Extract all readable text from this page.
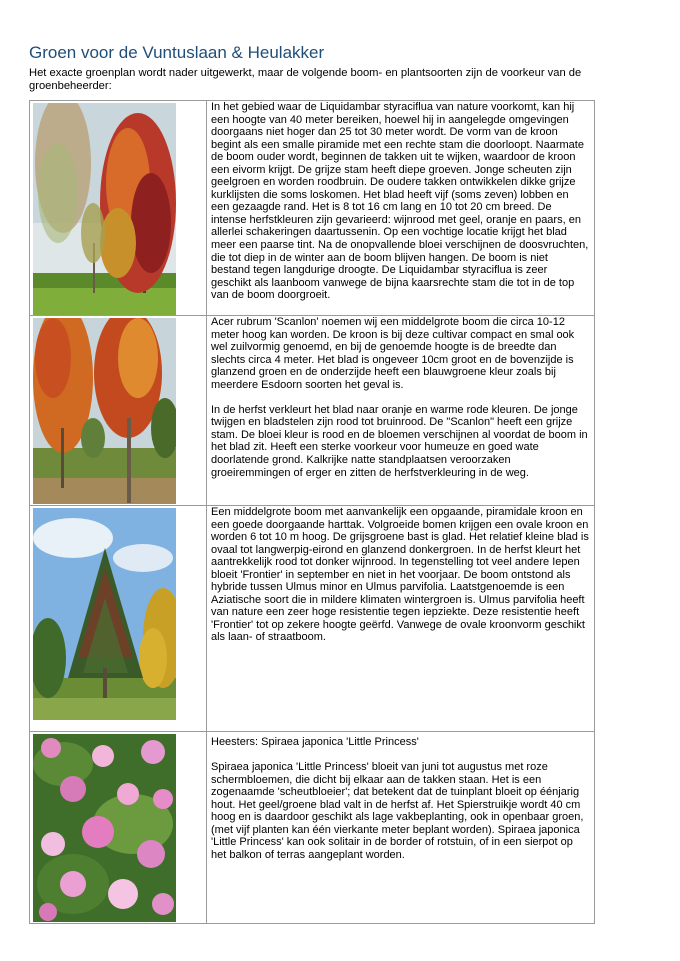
Groen voor de Vuntuslaan & Heulakker
Het exacte groenplan wordt nader uitgewerkt, maar de volgende boom- en plantsoorten zijn de voorkeur van de groenbeheerder:

In het gebied waar de Liquidambar styraciflua van nature voorkomt, kan hij een hoogte van 40 meter bereiken, hoewel hij in aangelegde omgevingen doorgaans niet hoger dan 25 tot 30 meter wordt. De vorm van de kroon begint als een smalle piramide met een rechte stam die doorloopt. Naarmate de boom ouder wordt, beginnen de takken uit te wijken, waardoor de kroon een eivorm krijgt. De grijze stam heeft diepe groeven. Jonge scheuten zijn geelgroen en worden roodbruin. De oudere takken ontwikkelen dikke grijze kurklijsten die soms loskomen. Het blad heeft vijf (soms zeven) lobben en een gezaagde rand. Het is 8 tot 16 cm lang en 10 tot 20 cm breed. De intense herfstkleuren zijn gevarieerd: wijnrood met geel, oranje en paars, en allerlei schakeringen daartussenin. Op een vochtige locatie krijgt het blad meer een paarse tint. Na de onopvallende bloei verschijnen de doosvruchten, die tot diep in de winter aan de boom blijven hangen. De boom is niet bestand tegen langdurige droogte. De Liquidambar styraciflua is zeer geschikt als laanboom vanwege de bijna kaarsrechte stam die tot in de top van de boom doorgroeit.

Acer rubrum 'Scanlon' noemen wij een middelgrote boom die circa 10-12 meter hoog kan worden. De kroon is bij deze cultivar compact en smal ook wel zuilvormig genoemd, en bij de genoemde hoogte is de breedte dan slechts circa 4 meter. Het blad is ongeveer 10cm groot en de bovenzijde is glanzend groen en de onderzijde heeft een blauwgroene kleur zoals bij meerdere Esdoorn soorten het geval is.

In de herfst verkleurt het blad naar oranje en warme rode kleuren. De jonge twijgen en bladstelen zijn rood tot bruinrood. De "Scanlon" heeft een grijze stam. De bloei kleur is rood en de bloemen verschijnen al voordat de boom in het blad zit. Heeft een sterke voorkeur voor humeuze en goed wate doorlatende grond. Kalkrijke natte standplaatsen veroorzaken groeiremmingen of erger en zitten de herfstverkleuring in de weg.

Een middelgrote boom met aanvankelijk een opgaande, piramidale kroon en een goede doorgaande harttak. Volgroeide bomen krijgen een ovale kroon en worden 6 tot 10 m hoog. De grijsgroene bast is glad. Het relatief kleine blad is ovaal tot langwerpig-eirond en glanzend donkergroen. In de herfst kleurt het aantrekkelijk rood tot donker wijnrood. In tegenstelling tot veel andere Iepen bloeit 'Frontier' in september en niet in het voorjaar. De boom ontstond als hybride tussen Ulmus minor en Ulmus parvifolia. Laatstgenoemde is een Aziatische soort die in mildere klimaten wintergroen is. Ulmus parvifolia heeft van nature een zeer hoge resistentie tegen iepziekte. Deze resistentie heeft 'Frontier' tot op zekere hoogte geërfd. Vanwege de ovale kroonvorm geschikt als laan- of straatboom.

Heesters: Spiraea japonica 'Little Princess'

Spiraea japonica 'Little Princess' bloeit van juni tot augustus met roze schermbloemen, die dicht bij elkaar aan de takken staan. Het is een zogenaamde 'scheutbloeier'; dat betekent dat de tuinplant bloeit op éénjarig hout. Het geel/groene blad valt in de herfst af. Het Spierstruikje wordt 40 cm hoog en is daardoor geschikt als lage vakbeplanting, ook in openbaar groen, (met vijf planten kan één vierkante meter beplant worden). Spiraea japonica 'Little Princess' kan ook solitair in de border of rotstuin, of in een sierpot op het balkon of terras aangeplant worden.
